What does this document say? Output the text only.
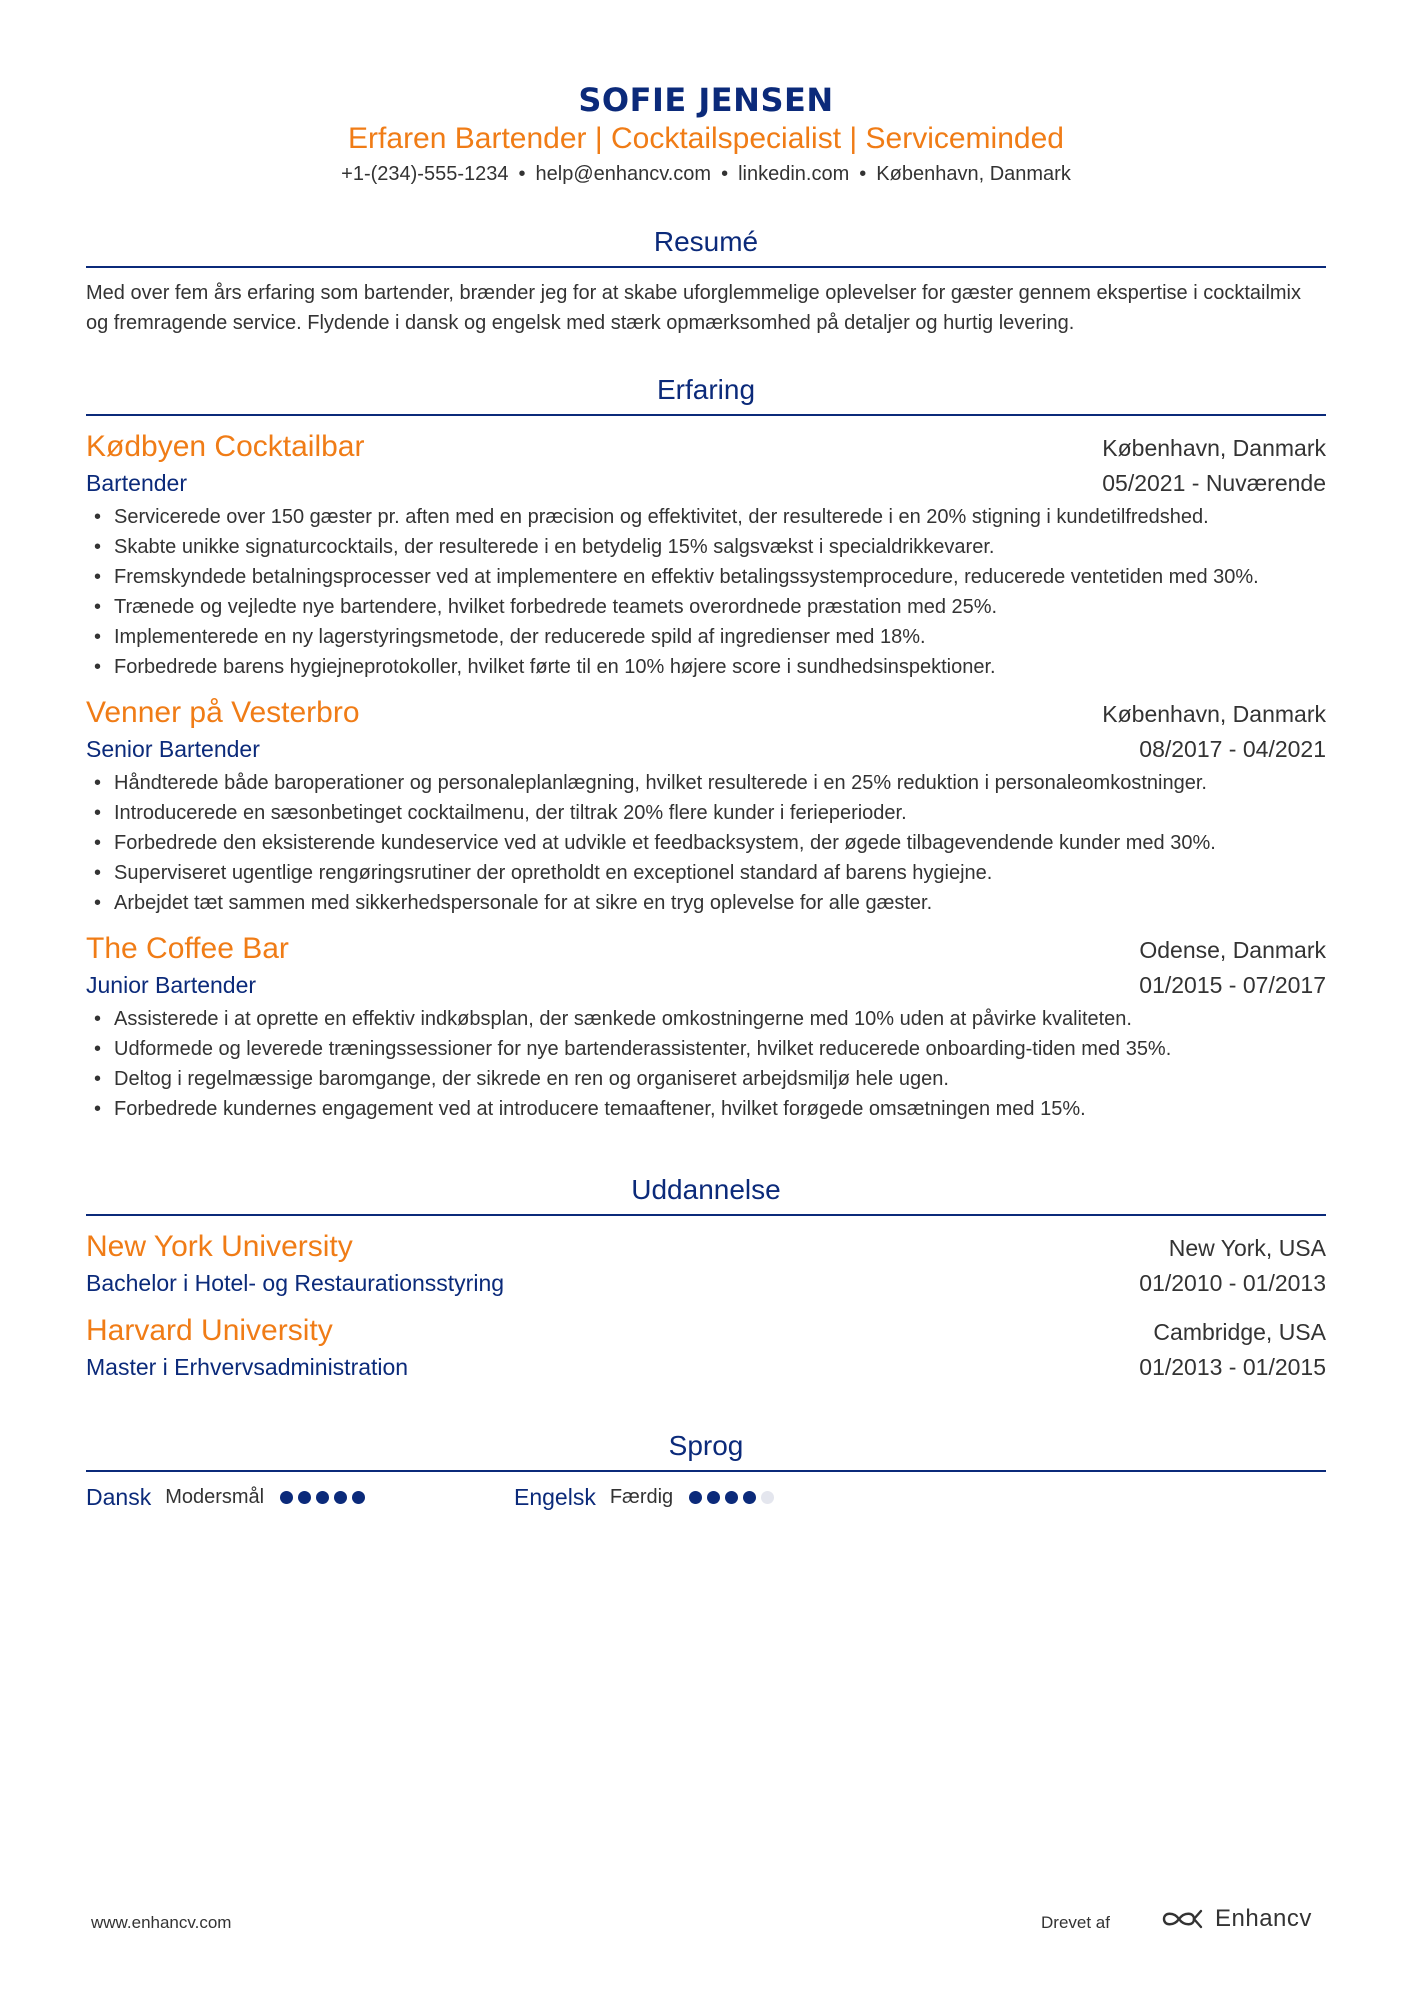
SOFIE JENSEN
Erfaren Bartender | Cocktailspecialist | Serviceminded
+1-(234)-555-1234 • help@enhancv.com • linkedin.com • København, Danmark
Resumé
Med over fem års erfaring som bartender, brænder jeg for at skabe uforglemmelige oplevelser for gæster gennem ekspertise i cocktailmix og fremragende service. Flydende i dansk og engelsk med stærk opmærksomhed på detaljer og hurtig levering.
Erfaring
Kødbyen Cocktailbar	København, Danmark
Bartender	05/2021 - Nuværende
• Servicerede over 150 gæster pr. aften med en præcision og effektivitet, der resulterede i en 20% stigning i kundetilfredshed.
• Skabte unikke signaturcocktails, der resulterede i en betydelig 15% salgsvækst i specialdrikkevarer.
• Fremskyndede betalningsprocesser ved at implementere en effektiv betalingssystemprocedure, reducerede ventetiden med 30%.
• Trænede og vejledte nye bartendere, hvilket forbedrede teamets overordnede præstation med 25%.
• Implementerede en ny lagerstyringsmetode, der reducerede spild af ingredienser med 18%.
• Forbedrede barens hygiejneprotokoller, hvilket førte til en 10% højere score i sundhedsinspektioner.
Venner på Vesterbro	København, Danmark
Senior Bartender	08/2017 - 04/2021
• Håndterede både baroperationer og personaleplanlægning, hvilket resulterede i en 25% reduktion i personaleomkostninger.
• Introducerede en sæsonbetinget cocktailmenu, der tiltrak 20% flere kunder i ferieperioder.
• Forbedrede den eksisterende kundeservice ved at udvikle et feedbacksystem, der øgede tilbagevendende kunder med 30%.
• Superviseret ugentlige rengøringsrutiner der opretholdt en exceptionel standard af barens hygiejne.
• Arbejdet tæt sammen med sikkerhedspersonale for at sikre en tryg oplevelse for alle gæster.
The Coffee Bar	Odense, Danmark
Junior Bartender	01/2015 - 07/2017
• Assisterede i at oprette en effektiv indkøbsplan, der sænkede omkostningerne med 10% uden at påvirke kvaliteten.
• Udformede og leverede træningssessioner for nye bartenderassistenter, hvilket reducerede onboarding-tiden med 35%.
• Deltog i regelmæssige baromgange, der sikrede en ren og organiseret arbejdsmiljø hele ugen.
• Forbedrede kundernes engagement ved at introducere temaaftener, hvilket forøgede omsætningen med 15%.
Uddannelse
New York University	New York, USA
Bachelor i Hotel- og Restaurationsstyring	01/2010 - 01/2013
Harvard University	Cambridge, USA
Master i Erhvervsadministration	01/2013 - 01/2015
Sprog
Dansk Modersmål	Engelsk Færdig
www.enhancv.com	Drevet af	Enhancv
